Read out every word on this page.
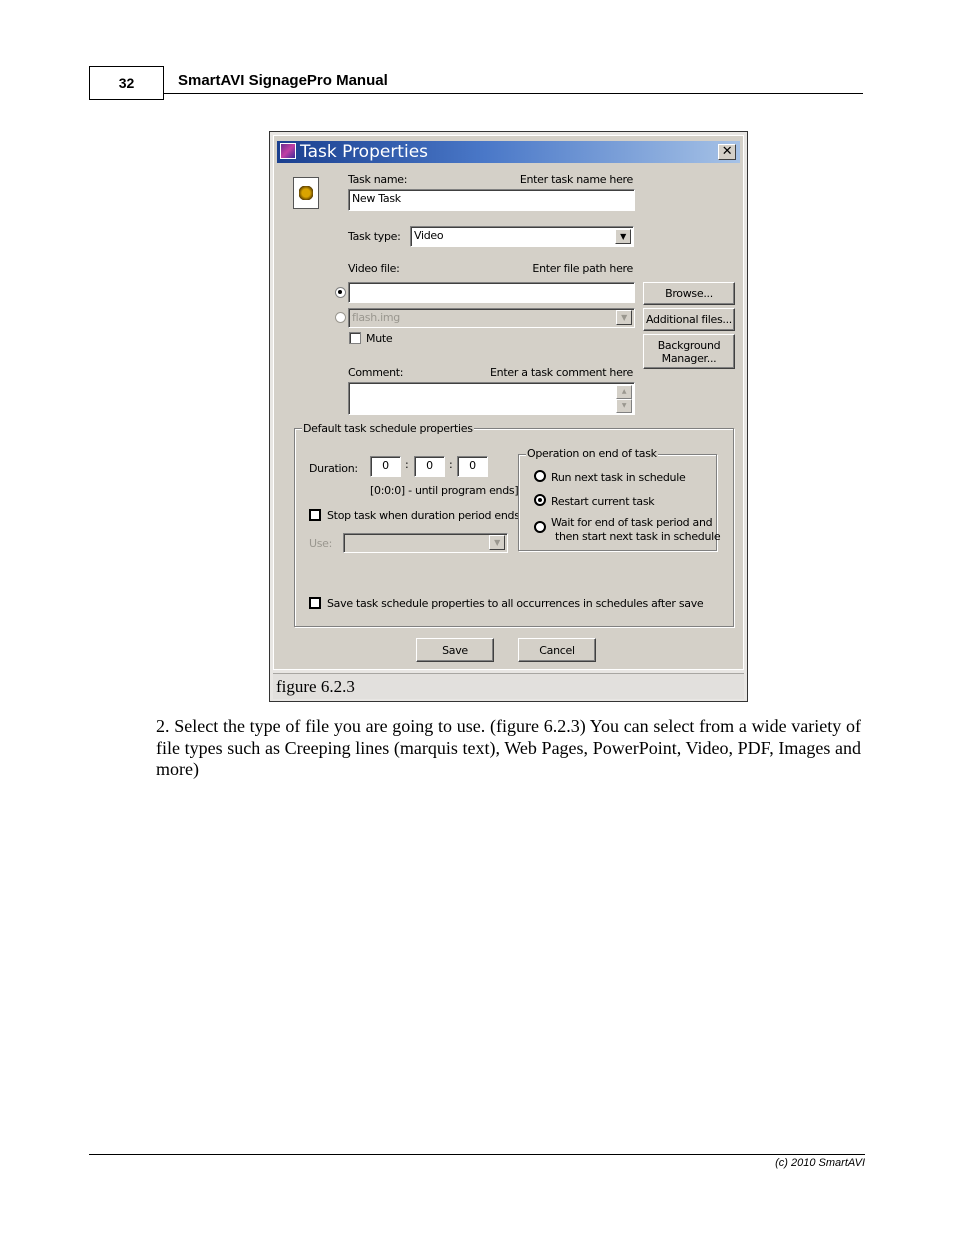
32	SmartAVI SignagePro Manual
Task Properties	✕
Task name:	Enter task name here
New Task
Task type:	Video	▼
Video file:	Enter file path here
Browse...
flash.img	▼	Additional files...
Mute	Background
Manager...
Comment:	Enter a task comment here
▲
▼
Default task schedule properties
Duration:	0	:	0	:	0
[0:0:0] - until program ends]
Stop task when duration period ends
Use:	▼
Operation on end of task
Run next task in schedule
Restart current task
Wait for end of task period and
then start next task in schedule
Save task schedule properties to all occurrences in schedules after save
Save	Cancel
figure 6.2.3

2. Select the type of file you are going to use. (figure 6.2.3) You can select from a wide variety of file types such as Creeping lines (marquis text), Web Pages, PowerPoint, Video, PDF, Images and more)

(c) 2010 SmartAVI
